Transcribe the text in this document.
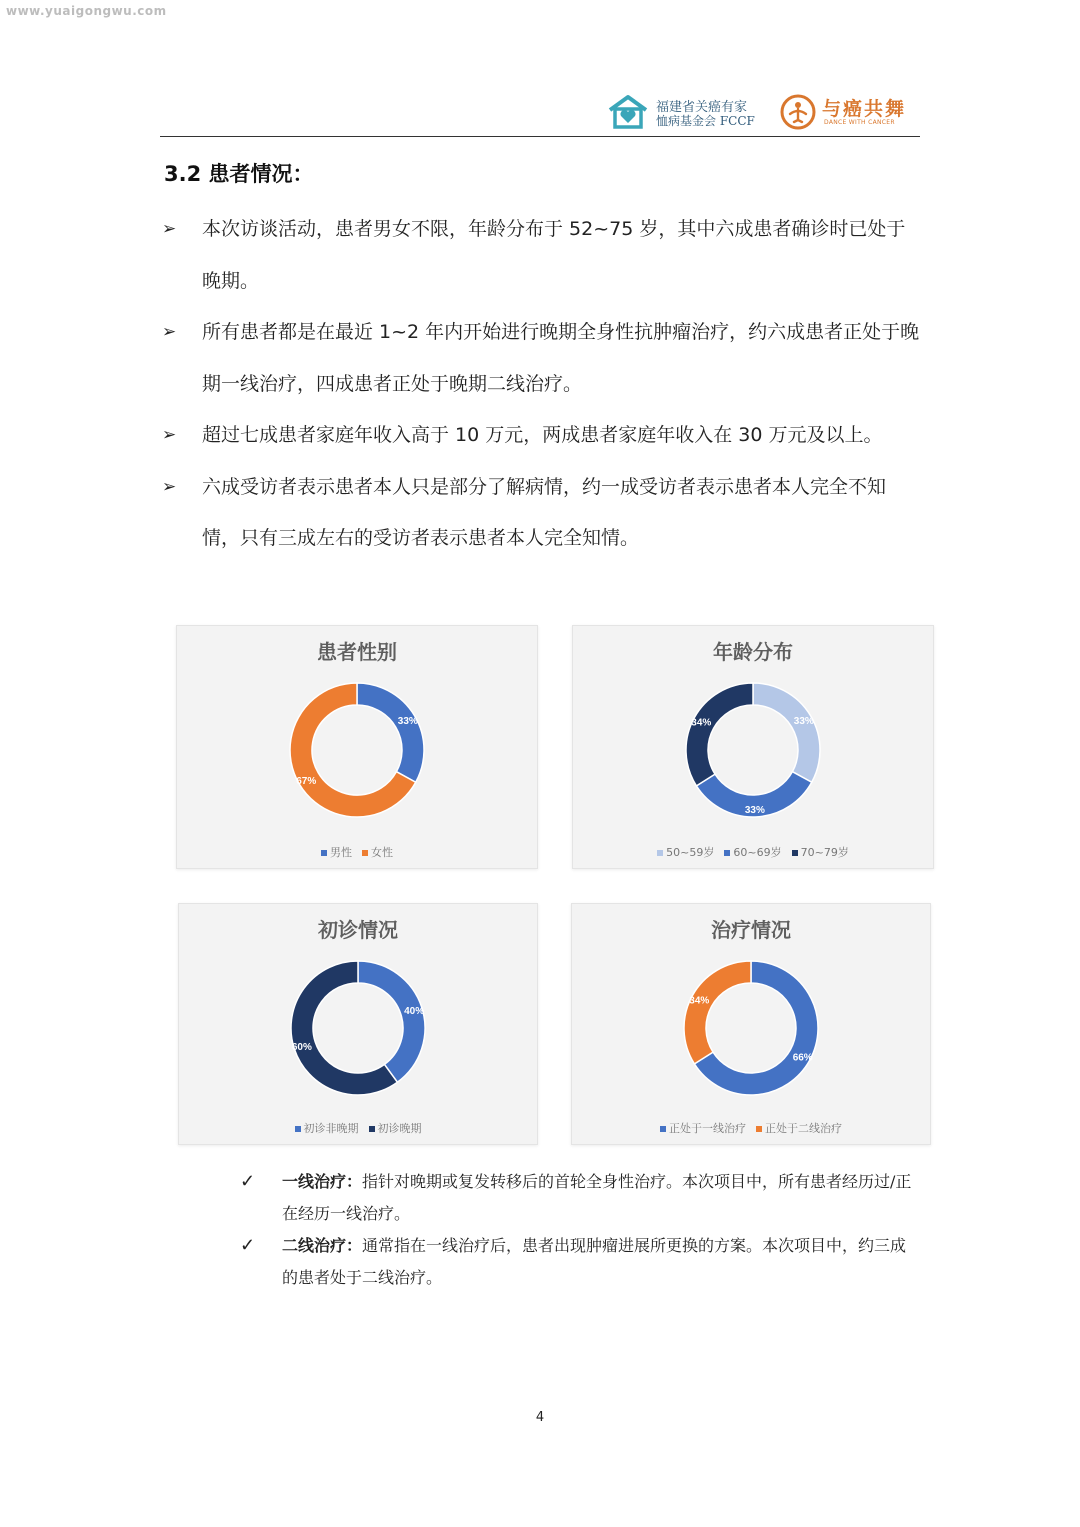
www.yuaigongwu.com
福建省关癌有家
恤病基金会 FCCF
与癌共舞
DANCE WITH CANCER
3.2 患者情况：
➢ 本次访谈活动，患者男女不限，年龄分布于 52~75 岁，其中六成患者确诊时已处于晚期。
➢ 所有患者都是在最近 1~2 年内开始进行晚期全身性抗肿瘤治疗，约六成患者正处于晚期一线治疗，四成患者正处于晚期二线治疗。
➢ 超过七成患者家庭年收入高于 10 万元，两成患者家庭年收入在 30 万元及以上。
➢ 六成受访者表示患者本人只是部分了解病情，约一成受访者表示患者本人完全不知情，只有三成左右的受访者表示患者本人完全知情。
患者性别
33%
67%
男性 女性
年龄分布
33%
33%
34%
50~59岁 60~69岁 70~79岁
初诊情况
40%
60%
初诊非晚期 初诊晚期
治疗情况
66%
34%
正处于一线治疗 正处于二线治疗
✓ 一线治疗：指针对晚期或复发转移后的首轮全身性治疗。本次项目中，所有患者经历过/正在经历一线治疗。
✓ 二线治疗：通常指在一线治疗后，患者出现肿瘤进展所更换的方案。本次项目中，约三成的患者处于二线治疗。
4
